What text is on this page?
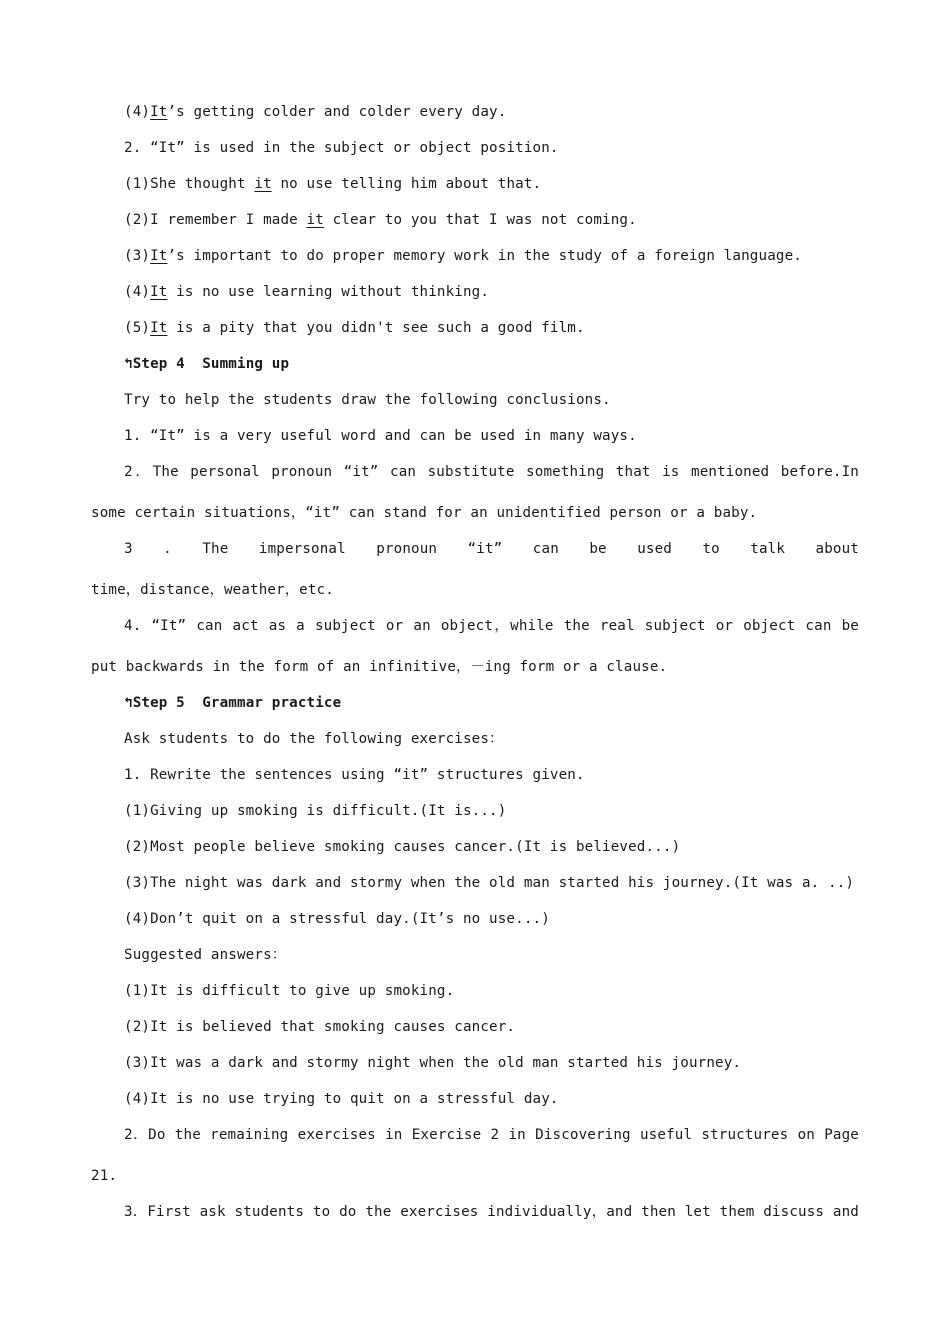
(4)It’s getting colder and colder every day.
2. “It” is used in the subject or object position.
(1)She thought it no use telling him about that.
(2)I remember I made it clear to you that I was not coming.
(3)It’s important to do proper memory work in the study of a foreign language.
(4)It is no use learning without thinking.
(5)It is a pity that you didn't see such a good film.
↰Step 4  Summing up
Try to help the students draw the following conclusions.
1. “It” is a very useful word and can be used in many ways.
2．The personal pronoun “it” can substitute something that is mentioned before.In
some certain situations，“it” can stand for an unidentified person or a baby.
3 . The impersonal pronoun “it” can be used to talk about
time，distance，weather，etc.
4. “It” can act as a subject or an object，while the real subject or object can be
put backwards in the form of an infinitive，－ing form or a clause.
↰Step 5  Grammar practice
Ask students to do the following exercises：
1. Rewrite the sentences using “it” structures given.
(1)Giving up smoking is difficult.(It is...)
(2)Most people believe smoking causes cancer.(It is believed...)
(3)The night was dark and stormy when the old man started his journey.(It was a. ..)
(4)Don’t quit on a stressful day.(It’s no use...)
Suggested answers：
(1)It is difficult to give up smoking.
(2)It is believed that smoking causes cancer.
(3)It was a dark and stormy night when the old man started his journey.
(4)It is no use trying to quit on a stressful day.
2．Do the remaining exercises in Exercise 2 in Discovering useful structures on Page
21.
3．First ask students to do the exercises individually，and then let them discuss and
